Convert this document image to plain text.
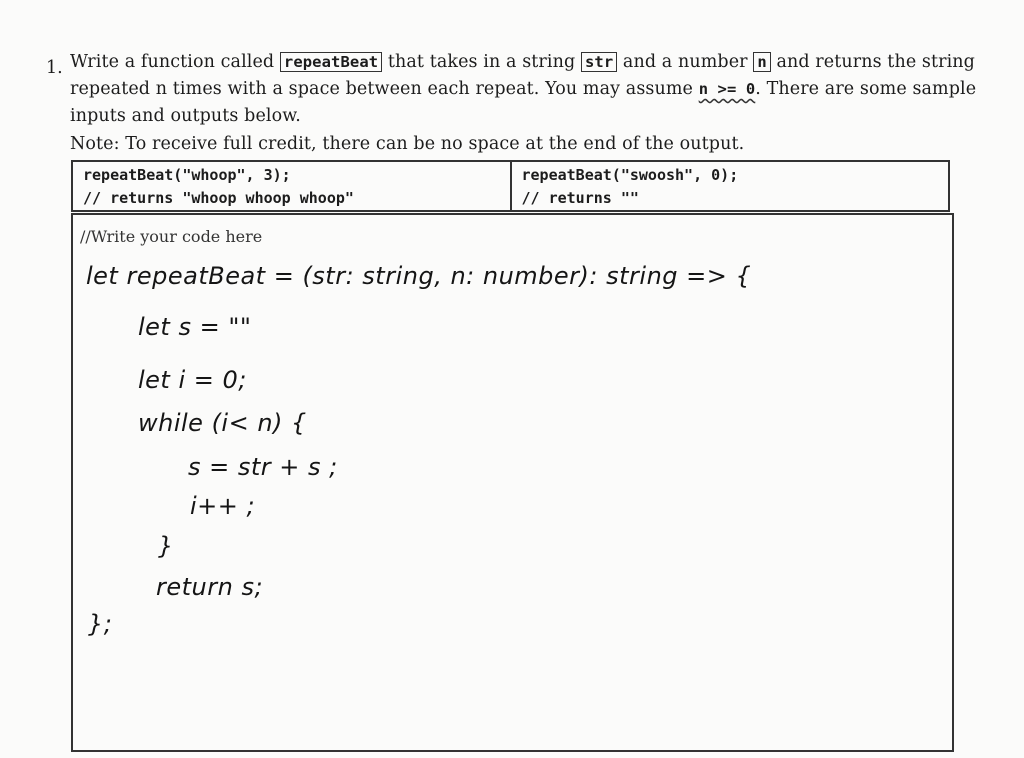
1. Write a function called repeatBeat that takes in a string str and a number n and returns the string
repeated n times with a space between each repeat. You may assume n >= 0. There are some sample
inputs and outputs below.
Note: To receive full credit, there can be no space at the end of the output.
repeatBeat("whoop", 3);
// returns "whoop whoop whoop"
repeatBeat("swoosh", 0);
// returns ""
//Write your code here
let repeatBeat = (str: string, n: number): string => {
let s = ""
let i = 0;
while (i< n) {
s = str + s ;
i++ ;
}
return s;
};
